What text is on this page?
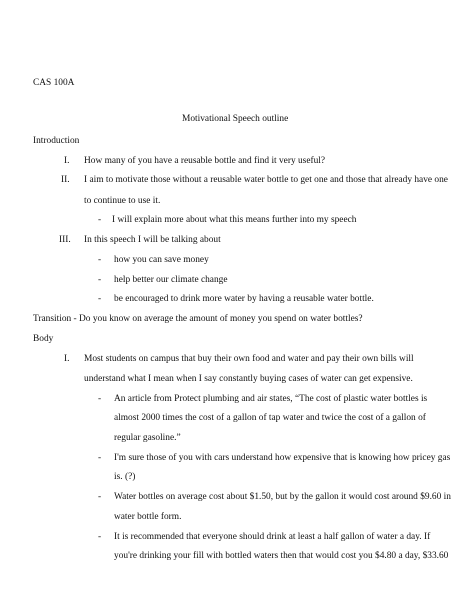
CAS 100A
Motivational Speech outline
Introduction
I. How many of you have a reusable bottle and find it very useful?
II. I aim to motivate those without a reusable water bottle to get one and those that already have one
to continue to use it.
- I will explain more about what this means further into my speech
III. In this speech I will be talking about
- how you can save money
- help better our climate change
- be encouraged to drink more water by having a reusable water bottle.
Transition - Do you know on average the amount of money you spend on water bottles?
Body
I. Most students on campus that buy their own food and water and pay their own bills will
understand what I mean when I say constantly buying cases of water can get expensive.
- An article from Protect plumbing and air states, “The cost of plastic water bottles is
almost 2000 times the cost of a gallon of tap water and twice the cost of a gallon of
regular gasoline.”
- I'm sure those of you with cars understand how expensive that is knowing how pricey gas
is. (?)
- Water bottles on average cost about $1.50, but by the gallon it would cost around $9.60 in
water bottle form.
- It is recommended that everyone should drink at least a half gallon of water a day. If
you're drinking your fill with bottled waters then that would cost you $4.80 a day, $33.60
